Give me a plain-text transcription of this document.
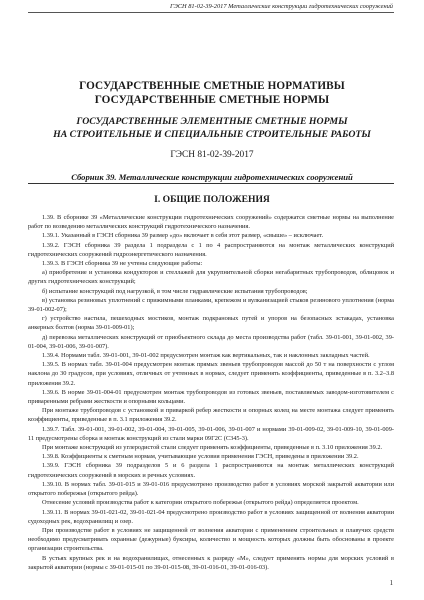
ГЭСН 81-02-39-2017 Металлические конструкции гидротехнических сооружений
ГОСУДАРСТВЕННЫЕ СМЕТНЫЕ НОРМАТИВЫ
ГОСУДАРСТВЕННЫЕ СМЕТНЫЕ НОРМЫ
ГОСУДАРСТВЕННЫЕ ЭЛЕМЕНТНЫЕ СМЕТНЫЕ НОРМЫ
НА СТРОИТЕЛЬНЫЕ И СПЕЦИАЛЬНЫЕ СТРОИТЕЛЬНЫЕ РАБОТЫ
ГЭСН 81-02-39-2017
Сборник 39. Металлические конструкции гидротехнических сооружений
I. ОБЩИЕ ПОЛОЖЕНИЯ

1.39. В сборнике 39 «Металлические конструкции гидротехнических сооружений» содержатся сметные нормы на выполнение работ по возведению металлических конструкций гидротехнического назначения.

1.39.1. Указанный в ГЭСН сборника 39 размер «до» включает в себя этот размер, «свыше» – исключает.

1.39.2. ГЭСН сборника 39 раздела 1 подраздела с 1 по 4 распространяются на монтаж металлических конструкций гидротехнических сооружений гидроэнергетического назначения.

1.39.3. В ГЭСН сборника 39 не учтены следующие работы:

а) приобретение и установка кондукторов и стеллажей для укрупнительной сборки негабаритных трубопроводов, облицовок и других гидротехнических конструкций;

б) испытание конструкций под нагрузкой, в том числе гидравлические испытания трубопроводов;

в) установка резиновых уплотнений с прижимными планками, крепежом и вулканизацией стыков резинового уплотнения (норма 39-01-002-07);

г) устройство настила, пешеходных мостиков, монтаж подкрановых путей и упоров на безопасных эстакадах, установка анкерных болтов (норма 39-01-009-01);

д) перевозка металлических конструкций от приобъектного склада до места производства работ (табл. 39-01-001, 39-01-002, 39-01-004, 39-01-006, 39-01-007).

1.39.4. Нормами табл. 39-01-001, 39-01-002 предусмотрен монтаж как вертикальных, так и наклонных закладных частей.

1.39.5. В нормах табл. 39-01-004 предусмотрен монтаж прямых звеньев трубопроводов массой до 50 т на поверхности с углом наклона до 30 градусов, при условиях, отличных от учтенных в нормах, следует применять коэффициенты, приведенные в п. 3.2–3.8 приложения 39.2.

1.39.6. В норме 39-01-004-01 предусмотрен монтаж трубопроводов из готовых звеньев, поставляемых заводом-изготовителем с приваренными ребрами жесткости и опорными кольцами.

При монтаже трубопроводов с установкой и приваркой ребер жесткости и опорных колец на месте монтажа следует применять коэффициенты, приведенные в п. 3.1 приложения 39.2.

1.39.7. Табл. 39-01-001, 39-01-002, 39-01-004, 39-01-005, 39-01-006, 39-01-007 и нормами 39-01-009-02, 39-01-009-10, 39-01-009-11 предусмотрены сборка и монтаж конструкций из стали марки 09Г2С (С345-3).

При монтаже конструкций из углеродистой стали следует применять коэффициенты, приведенные в п. 3.10 приложения 39.2.

1.39.8. Коэффициенты к сметным нормам, учитывающие условия применения ГЭСН, приведены в приложении 39.2.

1.39.9. ГЭСН сборника 39 подразделов 5 и 6 раздела 1 распространяются на монтаж металлических конструкций гидротехнических сооружений в морских и речных условиях.

1.39.10. В нормах табл. 39-01-015 и 39-01-016 предусмотрено производство работ в условиях морской закрытой акватории или открытого побережья (открытого рейда).

Отнесение условий производства работ к категории открытого побережья (открытого рейда) определяется проектом.

1.39.11. В нормах 39-01-021-02, 39-01-021-04 предусмотрено производство работ в условиях защищенной от волнения акватории судоходных рек, водохранилищ и озер.

При производстве работ в условиях не защищенной от волнения акватории с применением строительных и плавучих средств необходимо предусматривать охранные (дежурные) буксиры, количество и мощность которых должны быть обоснованы в проекте организации строительства.

В устьях крупных рек и на водохранилищах, отнесенных к разряду «М», следует применять нормы для морских условий в закрытой акватории (нормы с 39-01-015-01 по 39-01-015-08, 39-01-016-01, 39-01-016-03).

1
